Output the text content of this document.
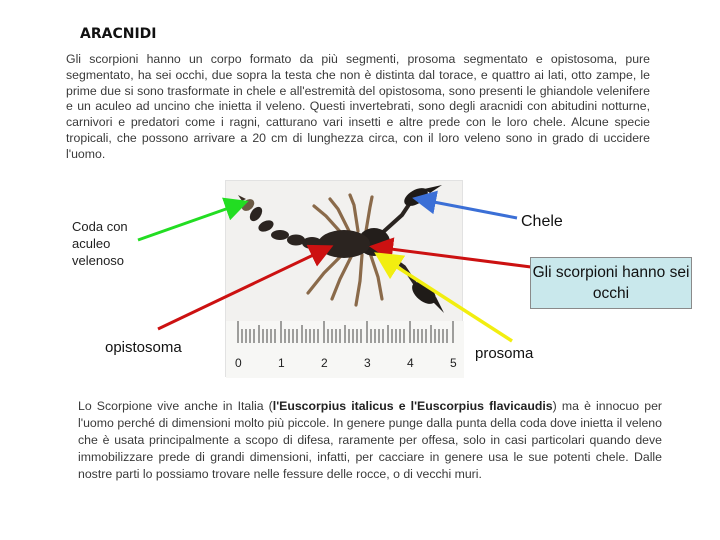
ARACNIDI
Gli scorpioni hanno un corpo formato da più segmenti, prosoma segmentato e opistosoma, pure segmentato, ha sei occhi, due sopra la testa che non è distinta dal torace, e quattro ai lati, otto zampe, le prime due si sono trasformate in chele e all'estremità del opistosoma, sono presenti le ghiandole velenifere e un aculeo ad uncino che inietta il veleno. Questi invertebrati, sono degli aracnidi con abitudini notturne, carnivori e predatori come i ragni, catturano vari insetti e altre prede con le loro chele. Alcune specie tropicali, che possono arrivare a 20 cm di lunghezza circa, con il loro veleno sono in grado di uccidere l'uomo.
0	1	2	3	4	5
Coda con aculeo velenoso
opistosoma
Chele
Gli scorpioni hanno sei occhi
prosoma
Lo Scorpione vive anche in Italia (l'Euscorpius italicus e l'Euscorpius flavicaudis) ma è innocuo per l'uomo perché di dimensioni molto più piccole. In genere punge dalla punta della coda dove inietta il veleno che è usata principalmente a scopo di difesa, raramente per offesa, solo in casi particolari quando deve immobilizzare prede di grandi dimensioni, infatti, per cacciare in genere usa le sue potenti chele. Dalle nostre parti lo possiamo trovare nelle fessure delle rocce, o di vecchi muri.
